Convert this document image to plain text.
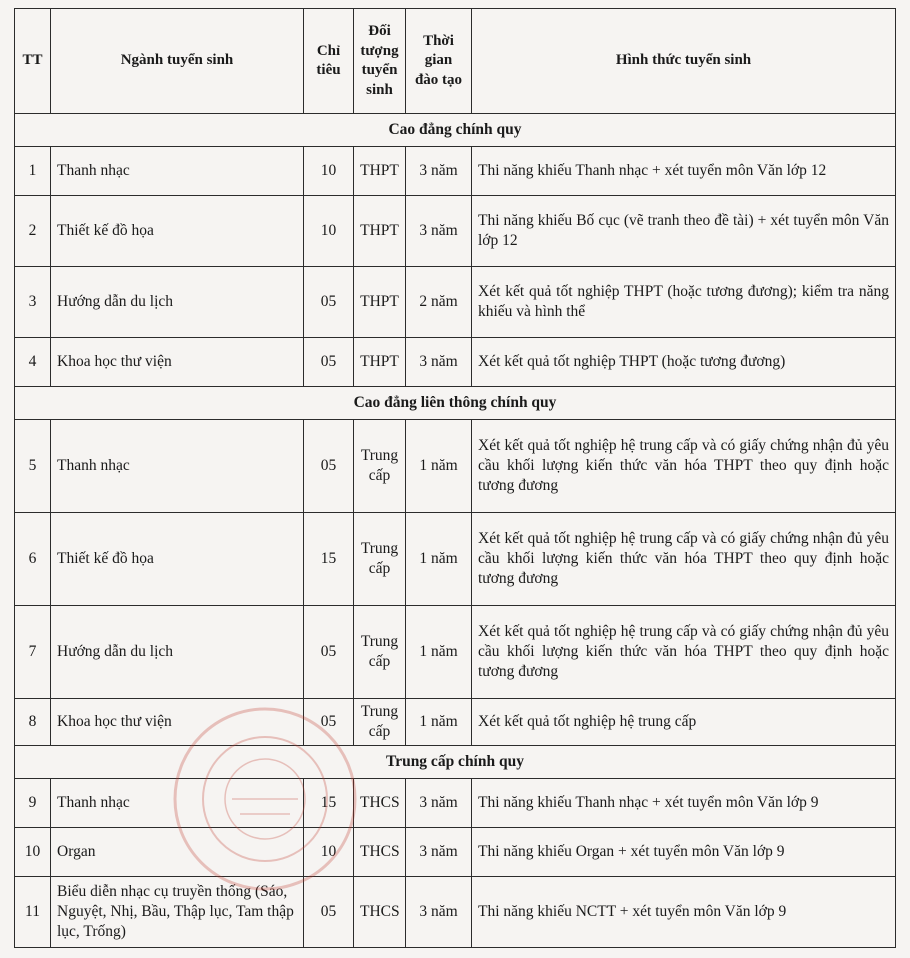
TT	Ngành tuyển sinh	Chỉ tiêu	Đối tượng tuyển sinh	Thời gian đào tạo	Hình thức tuyển sinh
Cao đẳng chính quy					
1	Thanh nhạc	10	THPT	3 năm	Thi năng khiếu Thanh nhạc + xét tuyển môn Văn lớp 12
2	Thiết kế đồ họa	10	THPT	3 năm	Thi năng khiếu Bố cục (vẽ tranh theo đề tài) + xét tuyển môn Văn lớp 12
3	Hướng dẫn du lịch	05	THPT	2 năm	Xét kết quả tốt nghiệp THPT (hoặc tương đương); kiểm tra năng khiếu và hình thể
4	Khoa học thư viện	05	THPT	3 năm	Xét kết quả tốt nghiệp THPT (hoặc tương đương)
Cao đẳng liên thông chính quy					
5	Thanh nhạc	05	Trung cấp	1 năm	Xét kết quả tốt nghiệp hệ trung cấp và có giấy chứng nhận đủ yêu cầu khối lượng kiến thức văn hóa THPT theo quy định hoặc tương đương
6	Thiết kế đồ họa	15	Trung cấp	1 năm	Xét kết quả tốt nghiệp hệ trung cấp và có giấy chứng nhận đủ yêu cầu khối lượng kiến thức văn hóa THPT theo quy định hoặc tương đương
7	Hướng dẫn du lịch	05	Trung cấp	1 năm	Xét kết quả tốt nghiệp hệ trung cấp và có giấy chứng nhận đủ yêu cầu khối lượng kiến thức văn hóa THPT theo quy định hoặc tương đương
8	Khoa học thư viện	05	Trung cấp	1 năm	Xét kết quả tốt nghiệp hệ trung cấp
Trung cấp chính quy					
9	Thanh nhạc	15	THCS	3 năm	Thi năng khiếu Thanh nhạc + xét tuyển môn Văn lớp 9
10	Organ	10	THCS	3 năm	Thi năng khiếu Organ + xét tuyển môn Văn lớp 9
11	Biểu diễn nhạc cụ truyền thống (Sáo, Nguyệt, Nhị, Bầu, Thập lục, Tam thập lục, Trống)	05	THCS	3 năm	Thi năng khiếu NCTT + xét tuyển môn Văn lớp 9
